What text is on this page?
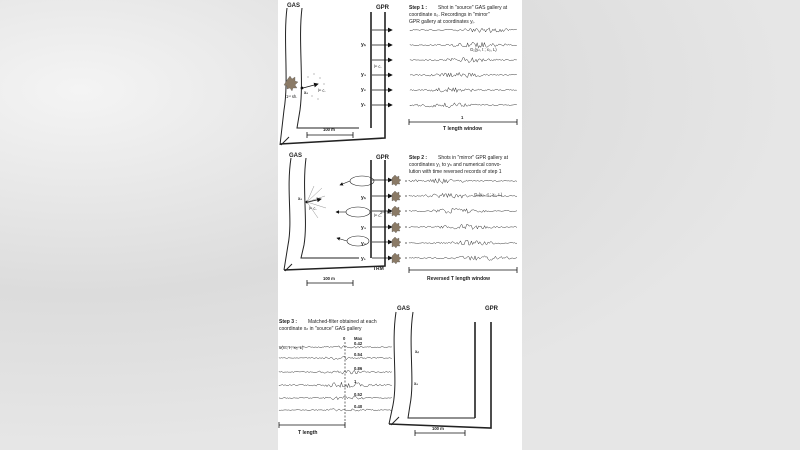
GAS	GPR
yₙ
y₃
y₂
y₁
1ˢᵗ sh.
x₀ lˢᵗ c.
lˢᵗ c.
100 m
Step 1 : Shot in "source" GAS gallery at
coordinate x₀. Recordings in "mirror"
GPR gallery at coordinates yᵢ.
G₁(yₙ, t ; x₀, L)
1
T length window
GAS	GPR
x₀
lˢᵗ c.
yₙ
y₃
y₂
y₁
lˢᵗ c.
2ⁿᵈ sh.
TRM
100 m
Step 2 : Shots in "mirror" GPR gallery at
coordinates y₁ to yₙ and numerical convo-
lution with time reversed records of step 1
G₁(yₙ, -t ; x₀, L)
Reversed T length window
Step 3 : Matched-filter obtained at each
coordinate xₙ in "source" GAS gallery
0 Max
u(xₙ, t ; x₀, L)
0.42
0.54
0.86
1
0.52
0.40
T length
GAS	GPR
xₙ
x₀
100 m
